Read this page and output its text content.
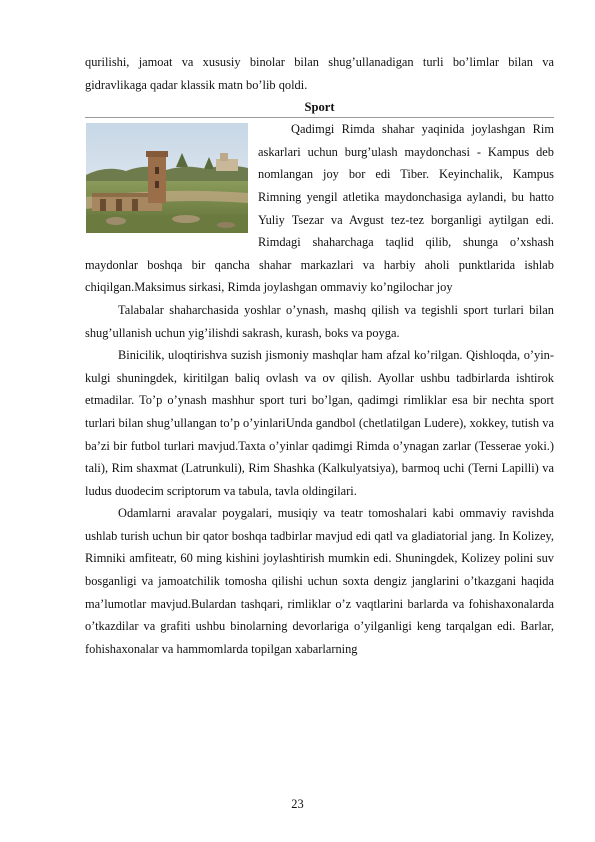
qurilishi, jamoat va xususiy binolar bilan shug’ullanadigan turli bo’limlar bilan va gidravlikaga qadar klassik matn bo’lib qoldi.

Sport

Qadimgi Rimda shahar yaqinida joylashgan Rim askarlari uchun burg’ulash maydonchasi - Kampus deb nomlangan joy bor edi Tiber. Keyinchalik, Kampus Rimning yengil atletika maydonchasiga aylandi, bu hatto Yuliy Tsezar va Avgust tez-tez borganligi aytilgan edi. Rimdagi shaharchaga taqlid qilib, shunga o’xshash maydonlar boshqa bir qancha shahar markazlari va harbiy aholi punktlarida ishlab chiqilgan.Maksimus sirkasi, Rimda joylashgan ommaviy ko’ngilochar joy

Talabalar shaharchasida yoshlar o’ynash, mashq qilish va tegishli sport turlari bilan shug’ullanish uchun yig’ilishdi sakrash, kurash, boks va poyga.

Binicilik, uloqtirishva suzish jismoniy mashqlar ham afzal ko’rilgan. Qishloqda, o’yin-kulgi shuningdek, kiritilgan baliq ovlash va ov qilish. Ayollar ushbu tadbirlarda ishtirok etmadilar. To’p o’ynash mashhur sport turi bo’lgan, qadimgi rimliklar esa bir nechta sport turlari bilan shug’ullangan to’p o’yinlariUnda gandbol (chetlatilgan Ludere), xokkey, tutish va ba’zi bir futbol turlari mavjud.Taxta o’yinlar qadimgi Rimda o’ynagan zarlar (Tesserae yoki.) tali), Rim shaxmat (Latrunkuli), Rim Shashka (Kalkulyatsiya), barmoq uchi (Terni Lapilli) va ludus duodecim scriptorum va tabula, tavla oldingilari.

Odamlarni aravalar poygalari, musiqiy va teatr tomoshalari kabi ommaviy ravishda ushlab turish uchun bir qator boshqa tadbirlar mavjud edi qatl va gladiatorial jang. In Kolizey, Rimniki amfiteatr, 60 ming kishini joylashtirish mumkin edi. Shuningdek, Kolizey polini suv bosganligi va jamoatchilik tomosha qilishi uchun soxta dengiz janglarini o’tkazgani haqida ma’lumotlar mavjud.Bulardan tashqari, rimliklar o’z vaqtlarini barlarda va fohishaxonalarda o’tkazdilar va grafiti ushbu binolarning devorlariga o’yilganligi keng tarqalgan edi. Barlar, fohishaxonalar va hammomlarda topilgan xabarlarning

23
